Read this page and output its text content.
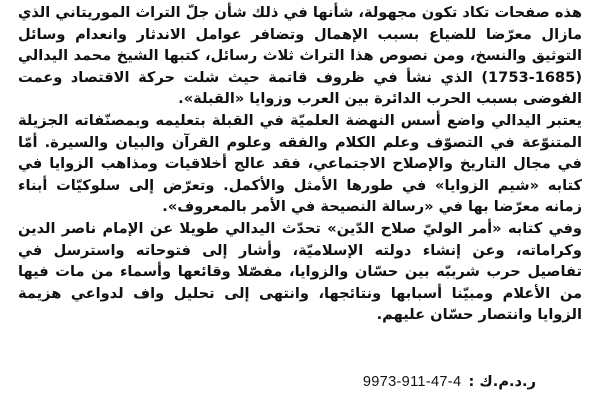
هذه صفحات تكاد تكون مجهولة، شأنها في ذلك شأن جلّ التراث الموريتاني الذي مازال معرّضا للضياع بسبب الإهمال وتضافر عوامل الاندثار وانعدام وسائل التوثيق والنسخ، ومن نصوص هذا التراث ثلاث رسائل، كتبها الشيخ محمد اليدالي (1685-1753) الذي نشأ في ظروف قاتمة حيث شلت حركة الاقتصاد وعمت الفوضى بسبب الحرب الدائرة بين العرب وزوايا «القبلة».

يعتبر اليدالي واضع أسس النهضة العلميّة في القبلة بتعليمه وبمصنّفاته الجزيلة المتنوّعة في التصوّف وعلم الكلام والفقه وعلوم القرآن والبيان والسيرة. أمّا في مجال التاريخ والإصلاح الاجتماعي، فقد عالج أخلاقيات ومذاهب الزوايا في كتابه «شيم الزوايا» في طورها الأمثل والأكمل. وتعرّض إلى سلوكيّات أبناء زمانه معرّضا بها في «رسالة النصيحة في الأمر بالمعروف».

وفي كتابه «أمر الوليّ صلاح الدّين» تحدّث اليدالي طويلا عن الإمام ناصر الدين وكراماته، وعن إنشاء دولته الإسلاميّة، وأشار إلى فتوحاته واسترسل في تفاصيل حرب شرببّه بين حسّان والزوايا، مفصّلا وقائعها وأسماء من مات فيها من الأعلام ومبيّنا أسبابها ونتائجها، وانتهى إلى تحليل واف لدواعي هزيمة الزوايا وانتصار حسّان عليهم.

ر.د.م.ك : 9973-911-47-4
